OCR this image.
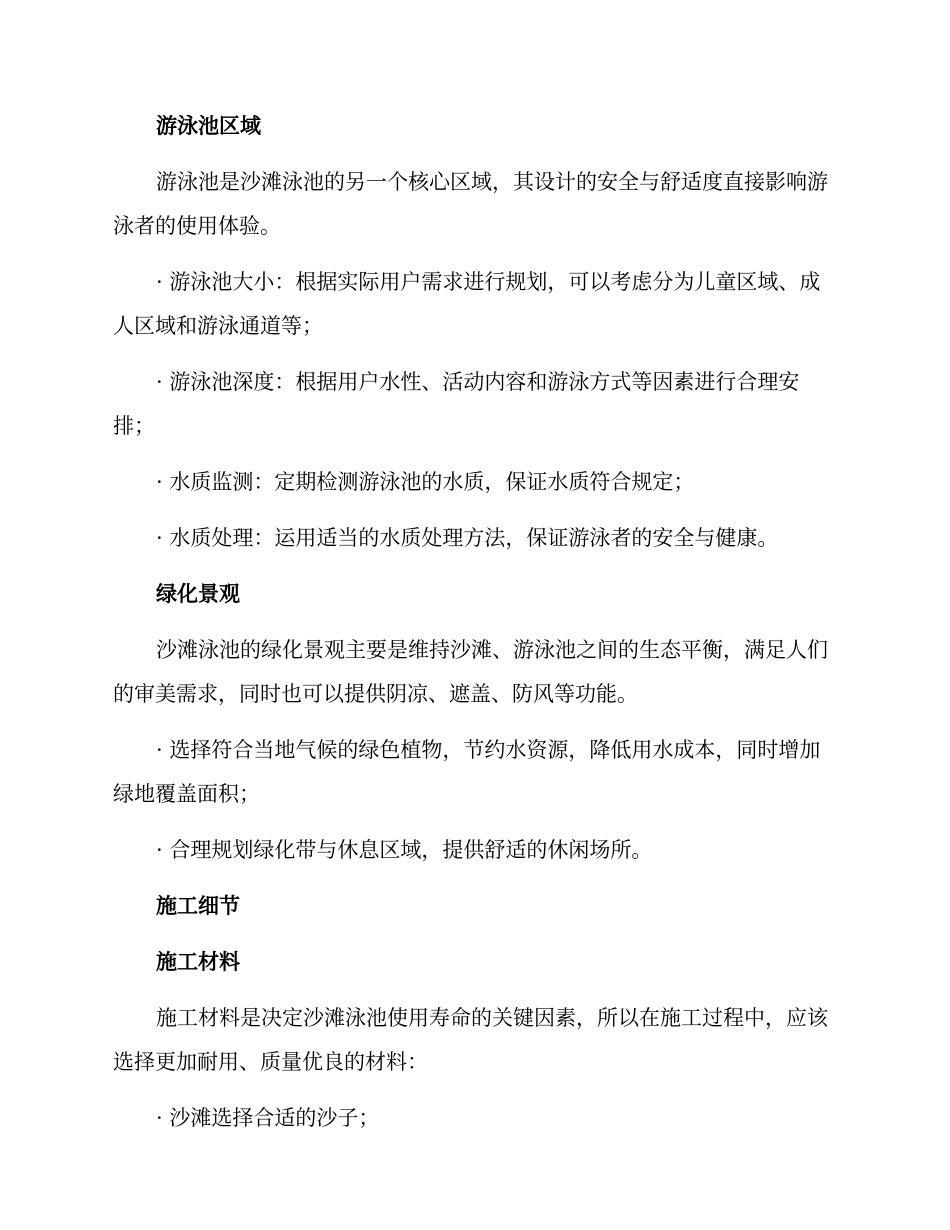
游泳池区域

游泳池是沙滩泳池的另一个核心区域，其设计的安全与舒适度直接影响游泳者的使用体验。

· 游泳池大小：根据实际用户需求进行规划，可以考虑分为儿童区域、成人区域和游泳通道等；

· 游泳池深度：根据用户水性、活动内容和游泳方式等因素进行合理安排；

· 水质监测：定期检测游泳池的水质，保证水质符合规定；

· 水质处理：运用适当的水质处理方法，保证游泳者的安全与健康。

绿化景观

沙滩泳池的绿化景观主要是维持沙滩、游泳池之间的生态平衡，满足人们的审美需求，同时也可以提供阴凉、遮盖、防风等功能。

· 选择符合当地气候的绿色植物，节约水资源，降低用水成本，同时增加绿地覆盖面积；

· 合理规划绿化带与休息区域，提供舒适的休闲场所。

施工细节

施工材料

施工材料是决定沙滩泳池使用寿命的关键因素，所以在施工过程中，应该选择更加耐用、质量优良的材料：

· 沙滩选择合适的沙子；
